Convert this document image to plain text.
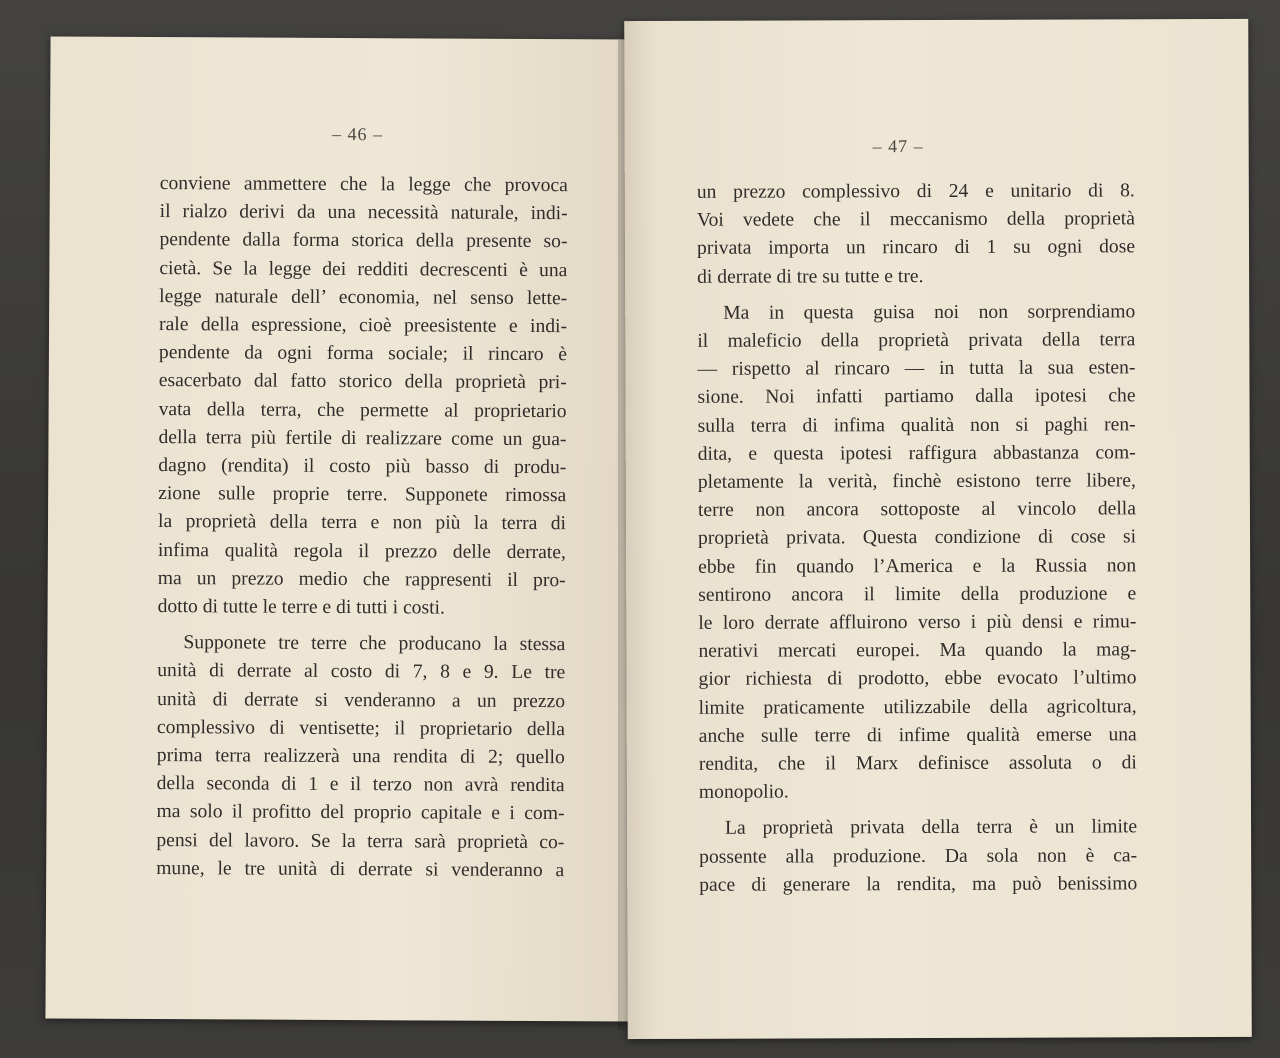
– 46 –
conviene ammettere che la legge che provoca
il rialzo derivi da una necessità naturale, indi-
pendente dalla forma storica della presente so-
cietà. Se la legge dei redditi decrescenti è una
legge naturale dell’ economia, nel senso lette-
rale della espressione, cioè preesistente e indi-
pendente da ogni forma sociale; il rincaro è
esacerbato dal fatto storico della proprietà pri-
vata della terra, che permette al proprietario
della terra più fertile di realizzare come un gua-
dagno (rendita) il costo più basso di produ-
zione sulle proprie terre. Supponete rimossa
la proprietà della terra e non più la terra di
infima qualità regola il prezzo delle derrate,
ma un prezzo medio che rappresenti il pro-
dotto di tutte le terre e di tutti i costi.
Supponete tre terre che producano la stessa
unità di derrate al costo di 7, 8 e 9. Le tre
unità di derrate si venderanno a un prezzo
complessivo di ventisette; il proprietario della
prima terra realizzerà una rendita di 2; quello
della seconda di 1 e il terzo non avrà rendita
ma solo il profitto del proprio capitale e i com-
pensi del lavoro. Se la terra sarà proprietà co-
mune, le tre unità di derrate si venderanno a
– 47 –
un prezzo complessivo di 24 e unitario di 8.
Voi vedete che il meccanismo della proprietà
privata importa un rincaro di 1 su ogni dose
di derrate di tre su tutte e tre.
Ma in questa guisa noi non sorprendiamo
il maleficio della proprietà privata della terra
— rispetto al rincaro — in tutta la sua esten-
sione. Noi infatti partiamo dalla ipotesi che
sulla terra di infima qualità non si paghi ren-
dita, e questa ipotesi raffigura abbastanza com-
pletamente la verità, finchè esistono terre libere,
terre non ancora sottoposte al vincolo della
proprietà privata. Questa condizione di cose si
ebbe fin quando l’America e la Russia non
sentirono ancora il limite della produzione e
le loro derrate affluirono verso i più densi e rimu-
nerativi mercati europei. Ma quando la mag-
gior richiesta di prodotto, ebbe evocato l’ultimo
limite praticamente utilizzabile della agricoltura,
anche sulle terre di infime qualità emerse una
rendita, che il Marx definisce assoluta o di
monopolio.
La proprietà privata della terra è un limite
possente alla produzione. Da sola non è ca-
pace di generare la rendita, ma può benissimo
